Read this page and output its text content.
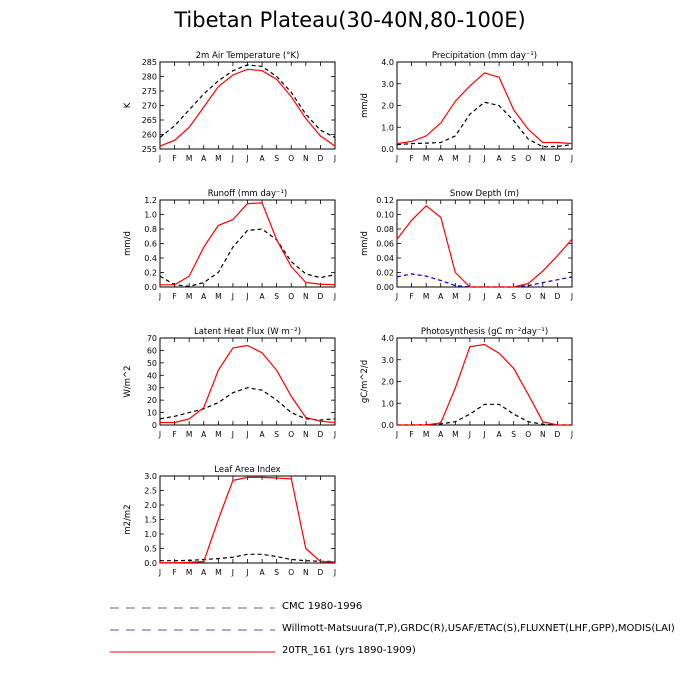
Tibetan Plateau(30-40N,80-100E)
2m Air Temperature (°K)
255
260
265
270
275
280
285
J F M A M J J A S O N D J
K
Precipitation (mm day⁻¹)
0.0
1.0
2.0
3.0
4.0
J F M A M J J A S O N D J
mm/d
Runoff (mm day⁻¹)
0.0
0.2
0.4
0.6
0.8
1.0
1.2
J F M A M J J A S O N D J
mm/d
Snow Depth (m)
0.00
0.02
0.04
0.06
0.08
0.10
0.12
J F M A M J J A S O N D J
mm/d
Latent Heat Flux (W m⁻²)
0
10
20
30
40
50
60
70
J F M A M J J A S O N D J
W/m^2
Photosynthesis (gC m⁻²day⁻¹)
0.0
1.0
2.0
3.0
4.0
J F M A M J J A S O N D J
gC/m^2/d
Leaf Area Index
0.0
0.5
1.0
1.5
2.0
2.5
3.0
J F M A M J J A S O N D J
m2/m2
CMC 1980-1996
Willmott-Matsuura(T,P),GRDC(R),USAF/ETAC(S),FLUXNET(LHF,GPP),MODIS(LAI)
20TR_161 (yrs 1890-1909)
